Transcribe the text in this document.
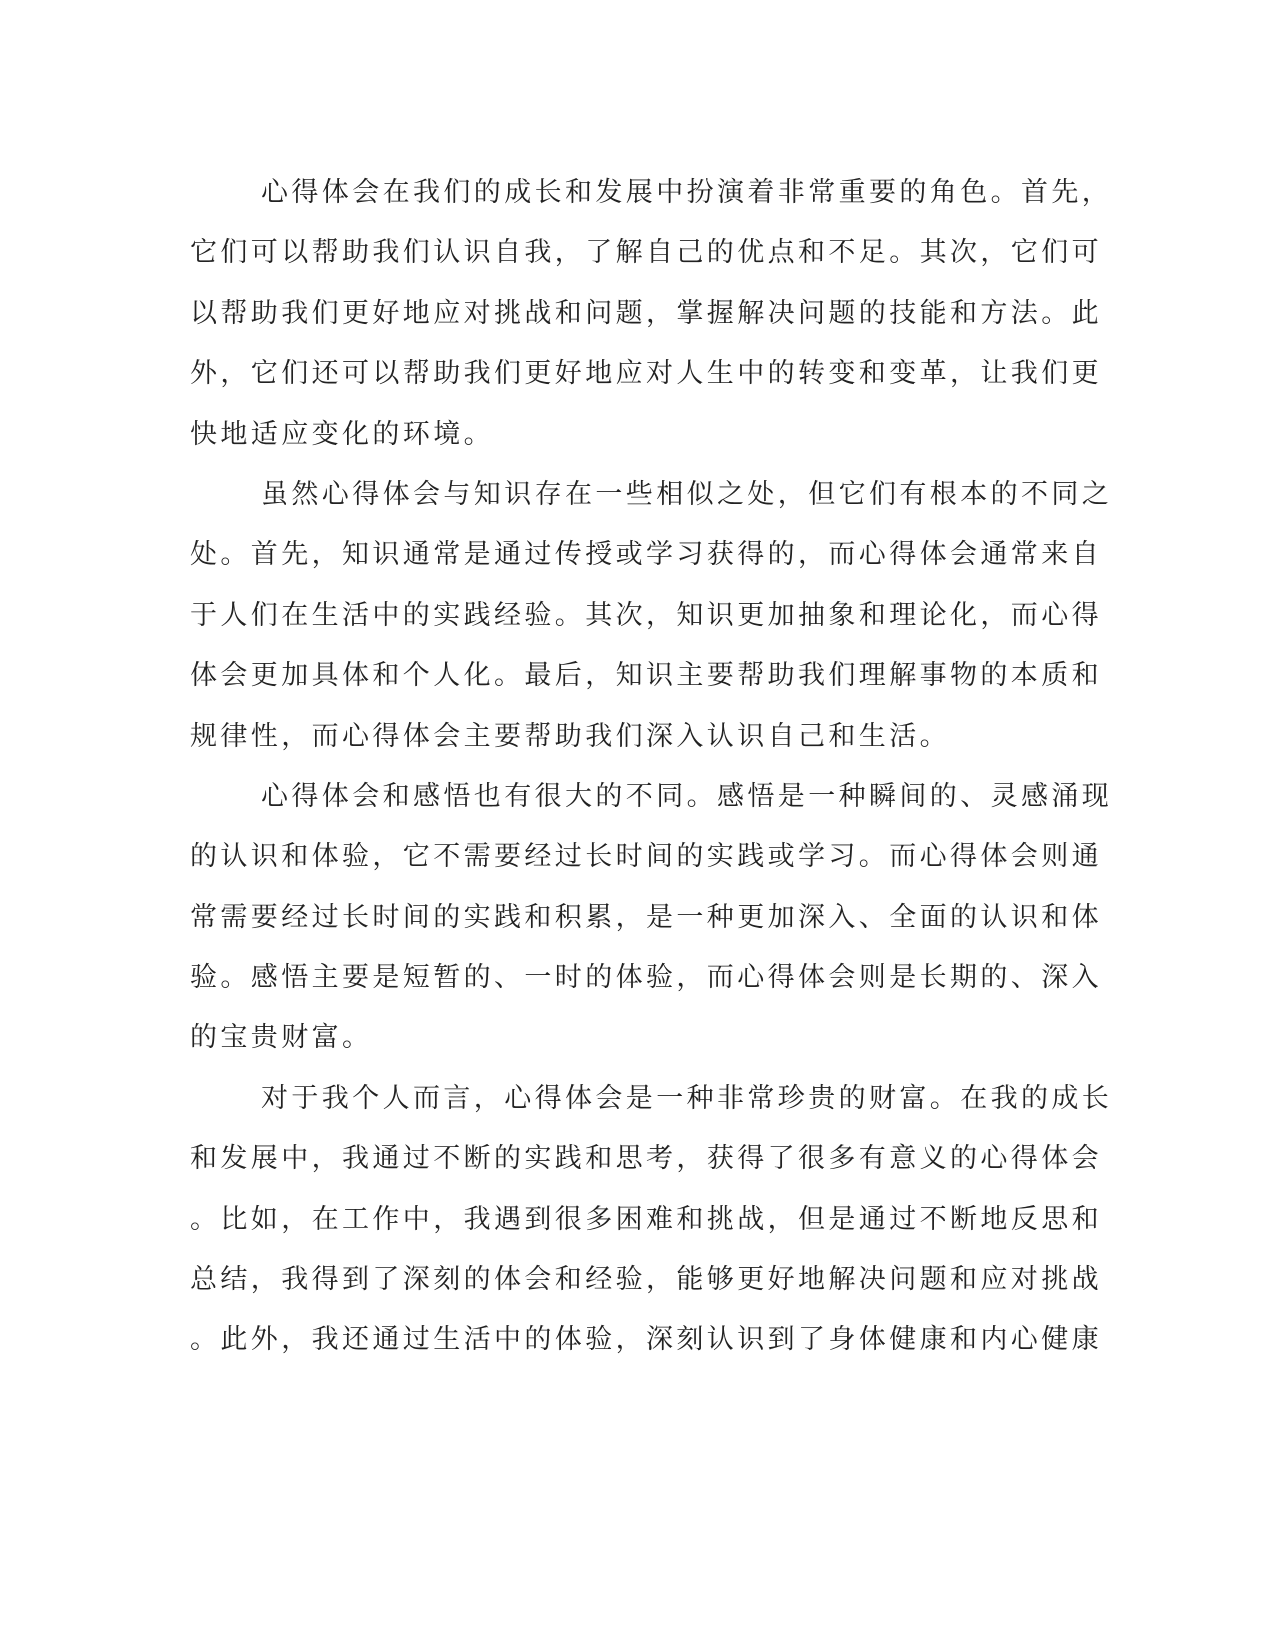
心得体会在我们的成长和发展中扮演着非常重要的角色。首先，
它们可以帮助我们认识自我，了解自己的优点和不足。其次，它们可
以帮助我们更好地应对挑战和问题，掌握解决问题的技能和方法。此
外，它们还可以帮助我们更好地应对人生中的转变和变革，让我们更
快地适应变化的环境。
虽然心得体会与知识存在一些相似之处，但它们有根本的不同之
处。首先，知识通常是通过传授或学习获得的，而心得体会通常来自
于人们在生活中的实践经验。其次，知识更加抽象和理论化，而心得
体会更加具体和个人化。最后，知识主要帮助我们理解事物的本质和
规律性，而心得体会主要帮助我们深入认识自己和生活。
心得体会和感悟也有很大的不同。感悟是一种瞬间的、灵感涌现
的认识和体验，它不需要经过长时间的实践或学习。而心得体会则通
常需要经过长时间的实践和积累，是一种更加深入、全面的认识和体
验。感悟主要是短暂的、一时的体验，而心得体会则是长期的、深入
的宝贵财富。
对于我个人而言，心得体会是一种非常珍贵的财富。在我的成长
和发展中，我通过不断的实践和思考，获得了很多有意义的心得体会
。比如，在工作中，我遇到很多困难和挑战，但是通过不断地反思和
总结，我得到了深刻的体会和经验，能够更好地解决问题和应对挑战
。此外，我还通过生活中的体验，深刻认识到了身体健康和内心健康
